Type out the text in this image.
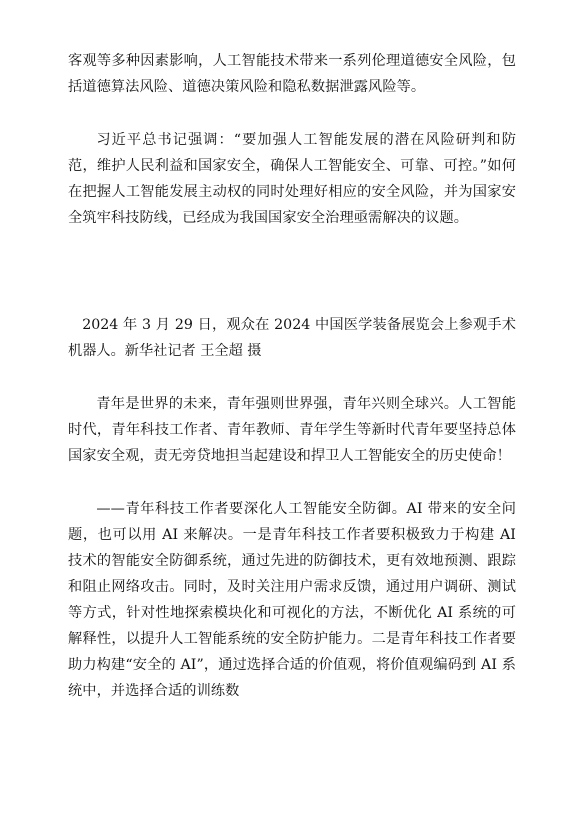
客观等多种因素影响，人工智能技术带来一系列伦理道德安全风险，包括道德算法风险、道德决策风险和隐私数据泄露风险等。

习近平总书记强调：“要加强人工智能发展的潜在风险研判和防范，维护人民利益和国家安全，确保人工智能安全、可靠、可控。”如何在把握人工智能发展主动权的同时处理好相应的安全风险，并为国家安全筑牢科技防线，已经成为我国国家安全治理亟需解决的议题。

2024 年 3 月 29 日，观众在 2024 中国医学装备展览会上参观手术机器人。新华社记者 王全超 摄

青年是世界的未来，青年强则世界强，青年兴则全球兴。人工智能时代，青年科技工作者、青年教师、青年学生等新时代青年要坚持总体国家安全观，责无旁贷地担当起建设和捍卫人工智能安全的历史使命！

——青年科技工作者要深化人工智能安全防御。AI 带来的安全问题，也可以用 AI 来解决。一是青年科技工作者要积极致力于构建 AI 技术的智能安全防御系统，通过先进的防御技术，更有效地预测、跟踪和阻止网络攻击。同时，及时关注用户需求反馈，通过用户调研、测试等方式，针对性地探索模块化和可视化的方法，不断优化 AI 系统的可解释性，以提升人工智能系统的安全防护能力。二是青年科技工作者要助力构建“安全的 AI”，通过选择合适的价值观，将价值观编码到 AI 系统中，并选择合适的训练数
